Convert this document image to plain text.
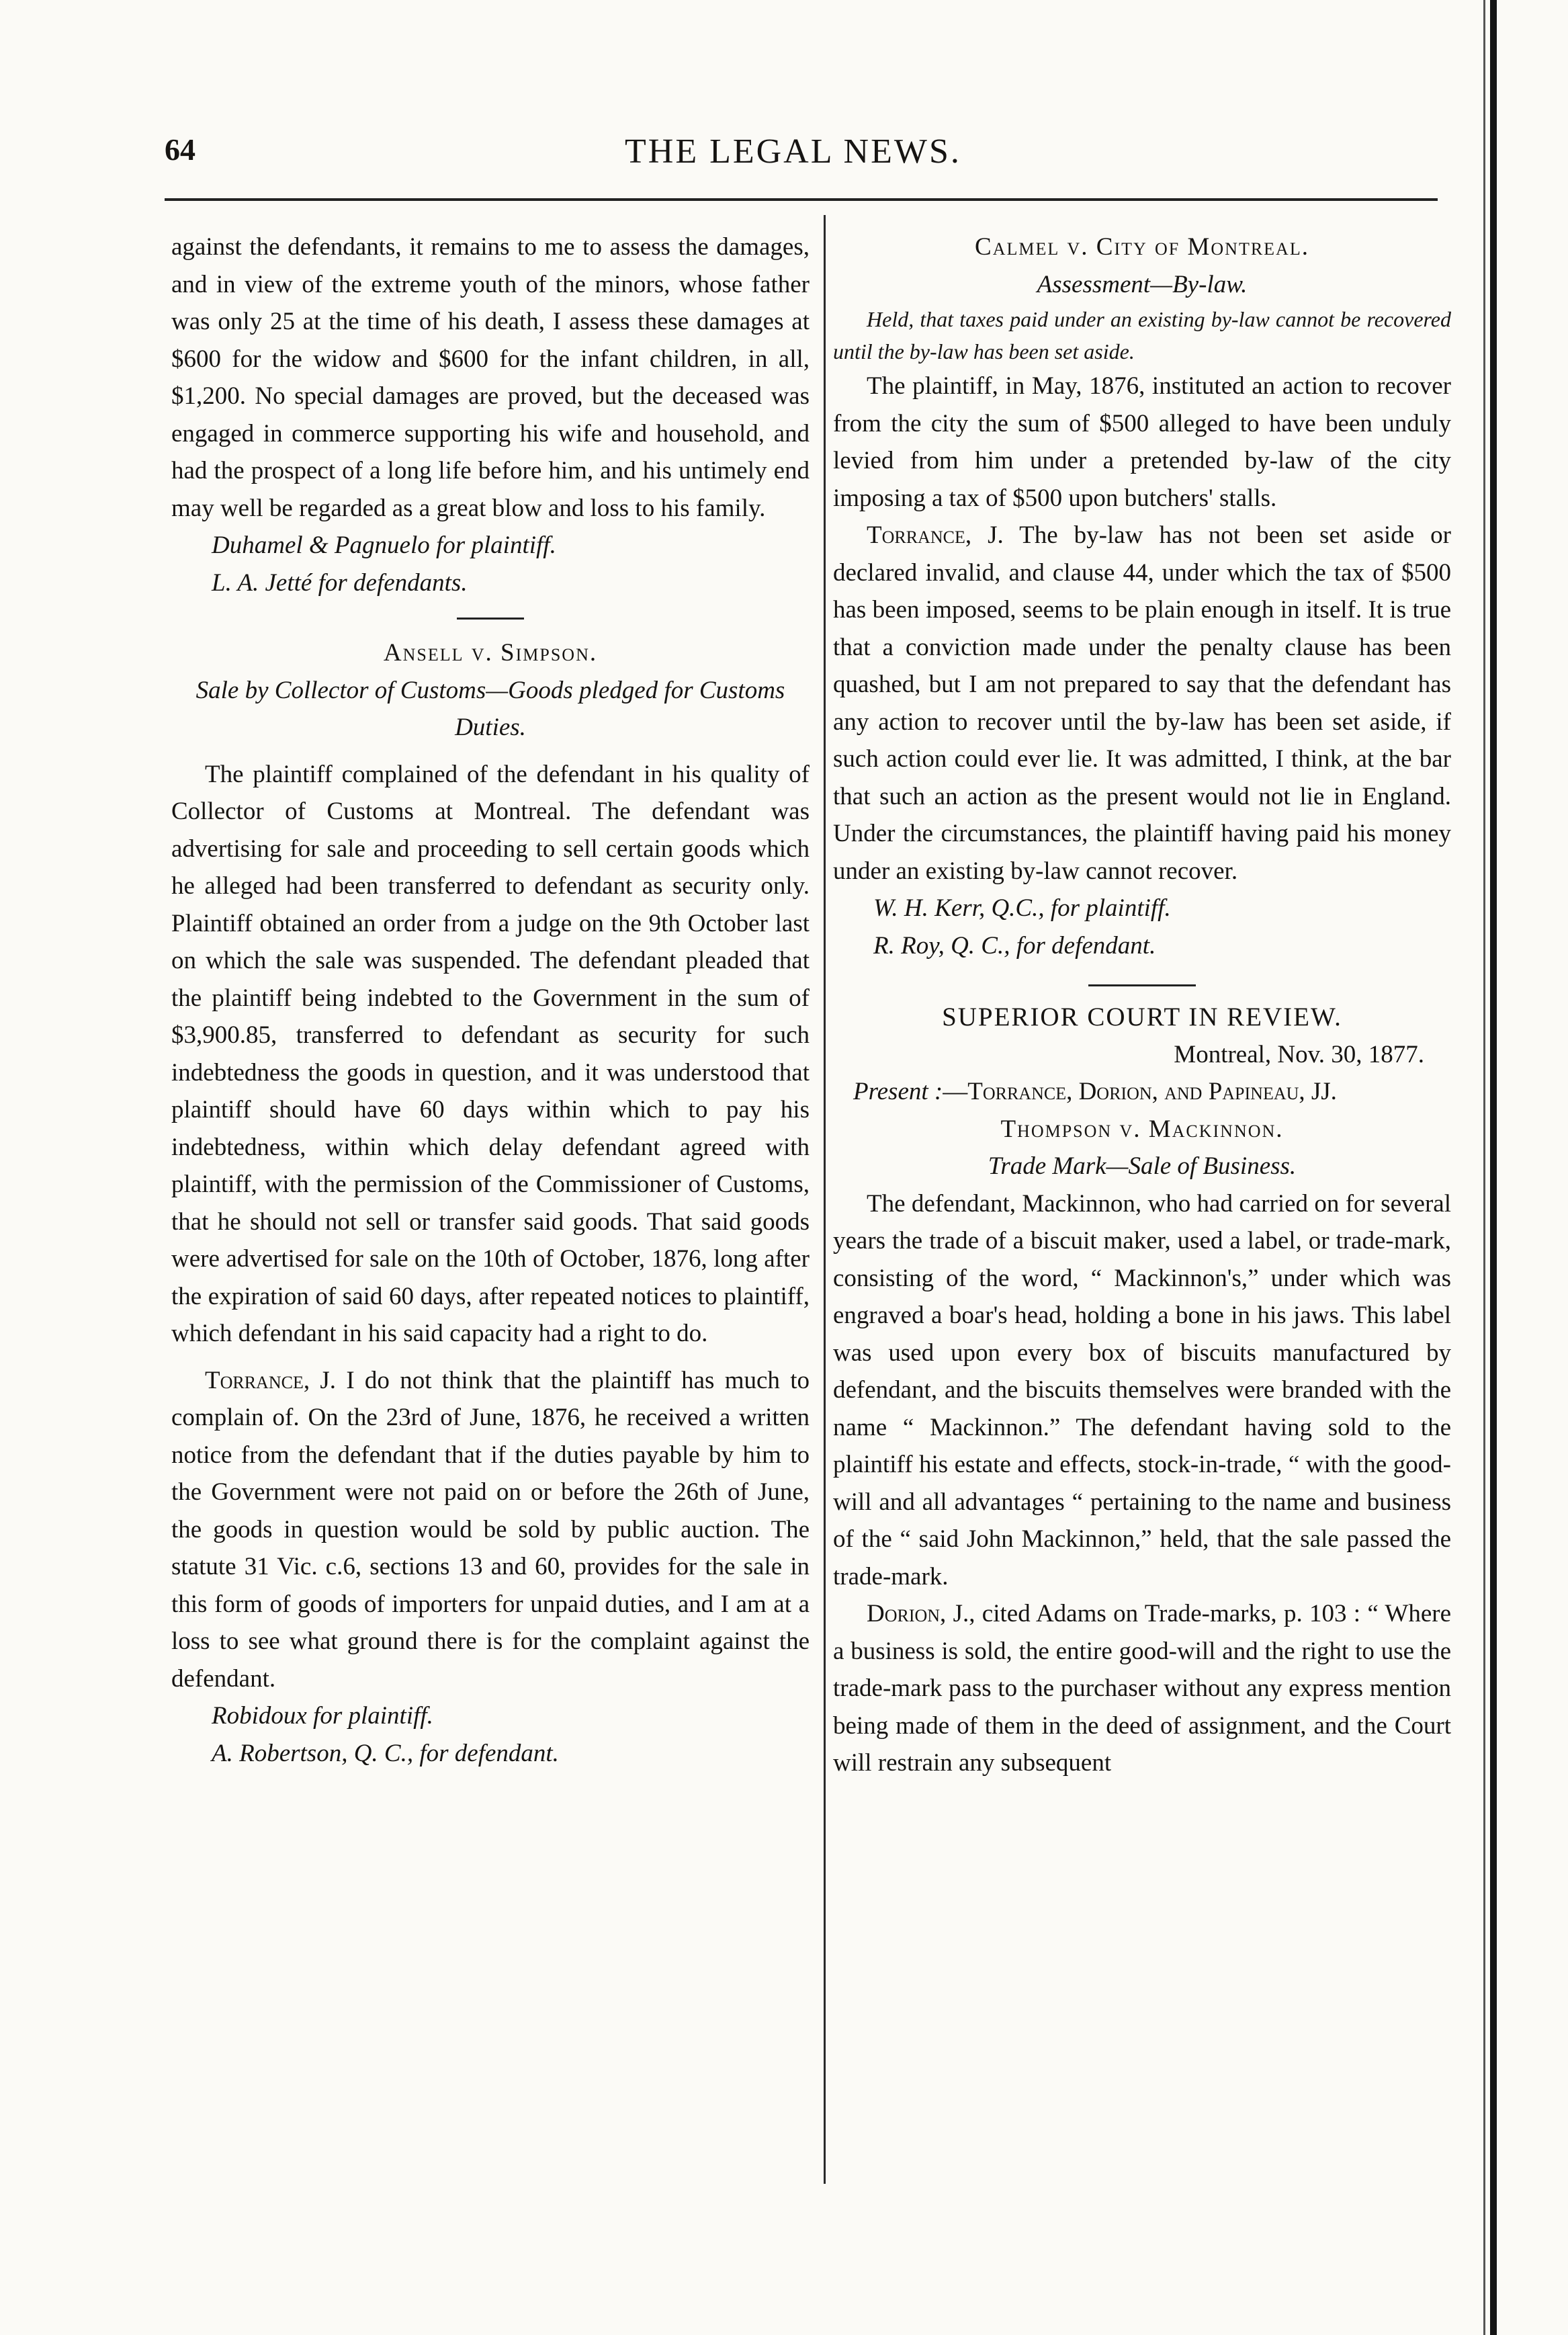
64	THE LEGAL NEWS.

against the defendants, it remains to me to assess the damages, and in view of the extreme youth of the minors, whose father was only 25 at the time of his death, I assess these damages at $600 for the widow and $600 for the infant children, in all, $1,200. No special damages are proved, but the deceased was engaged in commerce supporting his wife and household, and had the prospect of a long life before him, and his untimely end may well be regarded as a great blow and loss to his family.

Duhamel & Pagnuelo for plaintiff.

L. A. Jetté for defendants.

Ansell v. Simpson.

Sale by Collector of Customs—Goods pledged for Customs Duties.

The plaintiff complained of the defendant in his quality of Collector of Customs at Montreal. The defendant was advertising for sale and proceeding to sell certain goods which he alleged had been transferred to defendant as security only. Plaintiff obtained an order from a judge on the 9th October last on which the sale was suspended. The defendant pleaded that the plaintiff being indebted to the Government in the sum of $3,900.85, transferred to defendant as security for such indebtedness the goods in question, and it was understood that plaintiff should have 60 days within which to pay his indebtedness, within which delay defendant agreed with plaintiff, with the permission of the Commissioner of Customs, that he should not sell or transfer said goods. That said goods were advertised for sale on the 10th of October, 1876, long after the expiration of said 60 days, after repeated notices to plaintiff, which defendant in his said capacity had a right to do.

Torrance, J. I do not think that the plaintiff has much to complain of. On the 23rd of June, 1876, he received a written notice from the defendant that if the duties payable by him to the Government were not paid on or before the 26th of June, the goods in question would be sold by public auction. The statute 31 Vic. c.6, sections 13 and 60, provides for the sale in this form of goods of importers for unpaid duties, and I am at a loss to see what ground there is for the complaint against the defendant.

Robidoux for plaintiff.

A. Robertson, Q. C., for defendant.

Calmel v. City of Montreal.

Assessment—By-law.

Held, that taxes paid under an existing by-law cannot be recovered until the by-law has been set aside.

The plaintiff, in May, 1876, instituted an action to recover from the city the sum of $500 alleged to have been unduly levied from him under a pretended by-law of the city imposing a tax of $500 upon butchers' stalls.

Torrance, J. The by-law has not been set aside or declared invalid, and clause 44, under which the tax of $500 has been imposed, seems to be plain enough in itself. It is true that a conviction made under the penalty clause has been quashed, but I am not prepared to say that the defendant has any action to recover until the by-law has been set aside, if such action could ever lie. It was admitted, I think, at the bar that such an action as the present would not lie in England. Under the circumstances, the plaintiff having paid his money under an existing by-law cannot recover.

W. H. Kerr, Q.C., for plaintiff.

R. Roy, Q. C., for defendant.

SUPERIOR COURT IN REVIEW.

Montreal, Nov. 30, 1877.

Present :—Torrance, Dorion, and Papineau, JJ.

Thompson v. Mackinnon.

Trade Mark—Sale of Business.

The defendant, Mackinnon, who had carried on for several years the trade of a biscuit maker, used a label, or trade-mark, consisting of the word, “ Mackinnon's,” under which was engraved a boar's head, holding a bone in his jaws. This label was used upon every box of biscuits manufactured by defendant, and the biscuits themselves were branded with the name “ Mackinnon.” The defendant having sold to the plaintiff his estate and effects, stock-in-trade, “ with the good-will and all advantages “ pertaining to the name and business of the “ said John Mackinnon,” held, that the sale passed the trade-mark.

Dorion, J., cited Adams on Trade-marks, p. 103 : “ Where a business is sold, the entire good-will and the right to use the trade-mark pass to the purchaser without any express mention being made of them in the deed of assignment, and the Court will restrain any subsequent
